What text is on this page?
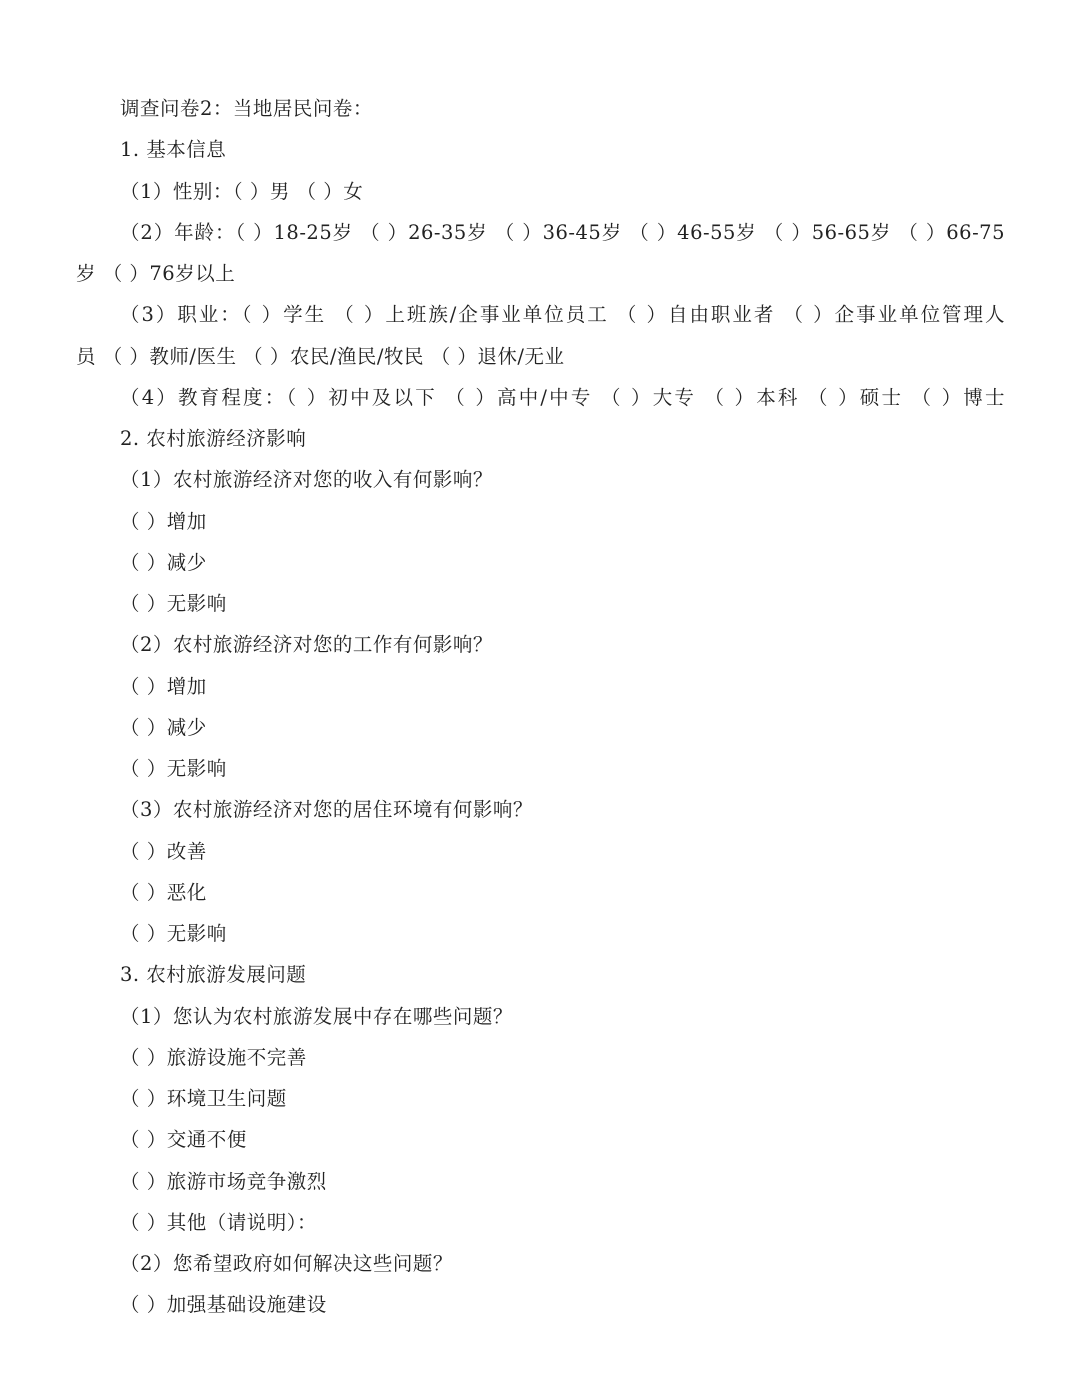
调查问卷2：当地居民问卷：
1. 基本信息
（1）性别：（ ）男 （ ）女
（2）年龄：（ ）18-25岁 （ ）26-35岁 （ ）36-45岁 （ ）46-55岁 （ ）56-65岁 （ ）66-75
岁 （ ）76岁以上
（3）职业：（ ）学生 （ ）上班族/企事业单位员工 （ ）自由职业者 （ ）企事业单位管理人
员 （ ）教师/医生 （ ）农民/渔民/牧民 （ ）退休/无业
（4）教育程度：（ ）初中及以下 （ ）高中/中专 （ ）大专 （ ）本科 （ ）硕士 （ ）博士
2. 农村旅游经济影响
（1）农村旅游经济对您的收入有何影响？
（ ）增加
（ ）减少
（ ）无影响
（2）农村旅游经济对您的工作有何影响？
（ ）增加
（ ）减少
（ ）无影响
（3）农村旅游经济对您的居住环境有何影响？
（ ）改善
（ ）恶化
（ ）无影响
3. 农村旅游发展问题
（1）您认为农村旅游发展中存在哪些问题？
（ ）旅游设施不完善
（ ）环境卫生问题
（ ）交通不便
（ ）旅游市场竞争激烈
（ ）其他（请说明）：
（2）您希望政府如何解决这些问题？
（ ）加强基础设施建设
